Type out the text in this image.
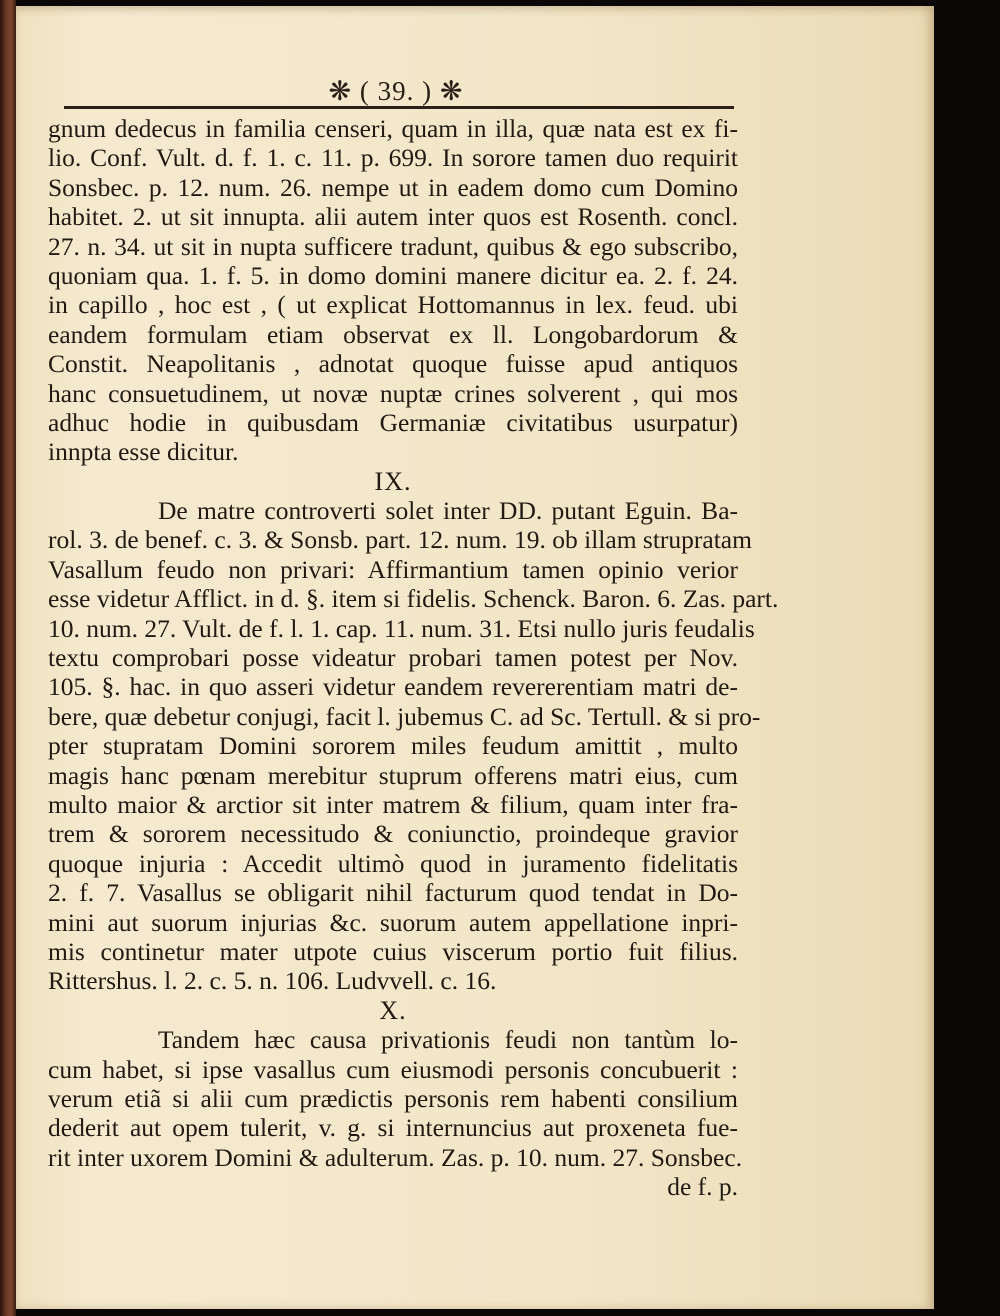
❋ ( 39. ) ❋
gnum dedecus in familia censeri, quam in illa, quæ nata est ex fi-
lio. Conf. Vult. d. f. 1. c. 11. p. 699. In sorore tamen duo requirit
Sonsbec. p. 12. num. 26. nempe ut in eadem domo cum Domino
habitet. 2. ut sit innupta. alii autem inter quos est Rosenth. concl.
27. n. 34. ut sit in nupta sufficere tradunt, quibus & ego subscribo,
quoniam qua. 1. f. 5. in domo domini manere dicitur ea. 2. f. 24.
in capillo , hoc est , ( ut explicat Hottomannus in lex. feud. ubi
eandem formulam etiam observat ex ll. Longobardorum &
Constit. Neapolitanis , adnotat quoque fuisse apud antiquos
hanc consuetudinem, ut novæ nuptæ crines solverent , qui mos
adhuc hodie in quibusdam Germaniæ civitatibus usurpatur)
innpta esse dicitur.
IX.
De matre controverti solet inter DD. putant Eguin. Ba-
rol. 3. de benef. c. 3. & Sonsb. part. 12. num. 19. ob illam strupratam
Vasallum feudo non privari: Affirmantium tamen opinio verior
esse videtur Afflict. in d. §. item si fidelis. Schenck. Baron. 6. Zas. part.
10. num. 27. Vult. de f. l. 1. cap. 11. num. 31. Etsi nullo juris feudalis
textu comprobari posse videatur probari tamen potest per Nov.
105. §. hac. in quo asseri videtur eandem revererentiam matri de-
bere, quæ debetur conjugi, facit l. jubemus C. ad Sc. Tertull. & si pro-
pter stupratam Domini sororem miles feudum amittit , multo
magis hanc pœnam merebitur stuprum offerens matri eius, cum
multo maior & arctior sit inter matrem & filium, quam inter fra-
trem & sororem necessitudo & coniunctio, proindeque gravior
quoque injuria : Accedit ultimò quod in juramento fidelitatis
2. f. 7. Vasallus se obligarit nihil facturum quod tendat in Do-
mini aut suorum injurias &c. suorum autem appellatione inpri-
mis continetur mater utpote cuius viscerum portio fuit filius.
Rittershus. l. 2. c. 5. n. 106. Ludvvell. c. 16.
X.
Tandem hæc causa privationis feudi non tantùm lo-
cum habet, si ipse vasallus cum eiusmodi personis concubuerit :
verum etiã si alii cum prædictis personis rem habenti consilium
dederit aut opem tulerit, v. g. si internuncius aut proxeneta fue-
rit inter uxorem Domini & adulterum. Zas. p. 10. num. 27. Sonsbec.
de f. p.
